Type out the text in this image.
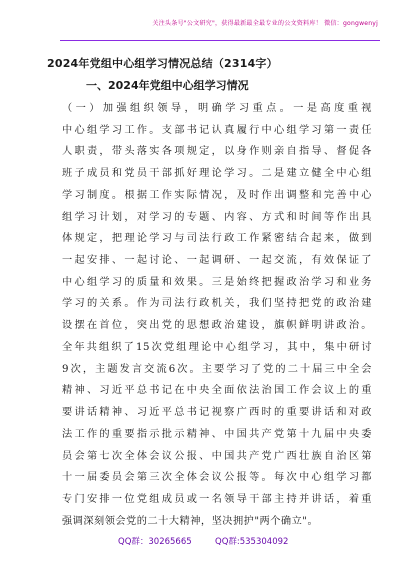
关注头条号"公文研究"，获得最新最全最专业的公文资料库！ 微信：gongwenyj
2024年党组中心组学习情况总结（2314字）
一、2024年党组中心组学习情况
（一）加强组织领导，明确学习重点。一是高度重视
中心组学习工作。支部书记认真履行中心组学习第一责任
人职责，带头落实各项规定，以身作则亲自指导、督促各
班子成员和党员干部抓好理论学习。二是建立健全中心组
学习制度。根据工作实际情况，及时作出调整和完善中心
组学习计划，对学习的专题、内容、方式和时间等作出具
体规定，把理论学习与司法行政工作紧密结合起来，做到
一起安排、一起讨论、一起调研、一起交流，有效保证了
中心组学习的质量和效果。三是始终把握政治学习和业务
学习的关系。作为司法行政机关，我们坚持把党的政治建
设摆在首位，突出党的思想政治建设，旗帜鲜明讲政治。
全年共组织了15次党组理论中心组学习，其中，集中研讨
9次，主题发言交流6次。主要学习了党的二十届三中全会
精神、习近平总书记在中央全面依法治国工作会议上的重
要讲话精神、习近平总书记视察广西时的重要讲话和对政
法工作的重要指示批示精神、中国共产党第十九届中央委
员会第七次全体会议公报、中国共产党广西壮族自治区第
十一届委员会第三次全体会议公报等。每次中心组学习都
专门安排一位党组成员或一名领导干部主持并讲话，着重
强调深刻领会党的二十大精神，坚决拥护"两个确立"。
QQ群：30265665	QQ群:535304092
